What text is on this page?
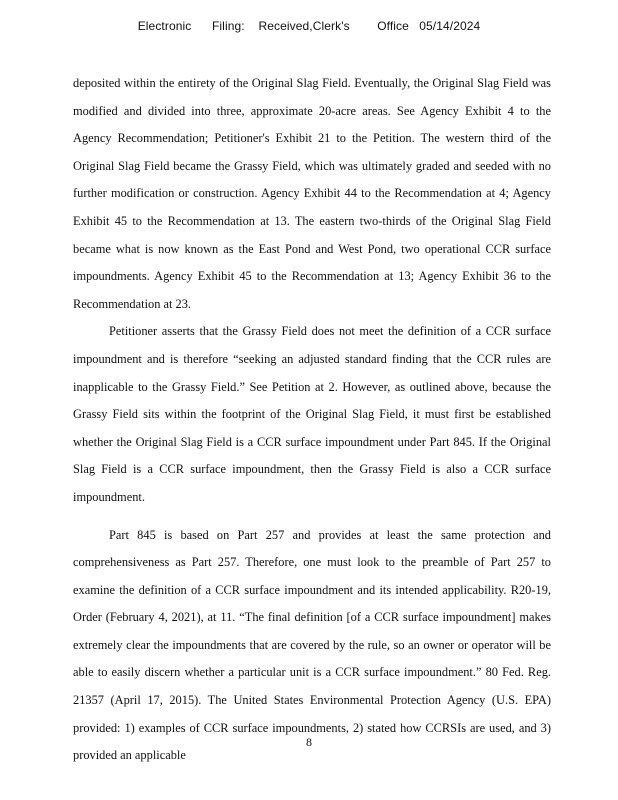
Electronic Filing: Received,Clerk's Office 05/14/2024

deposited within the entirety of the Original Slag Field. Eventually, the Original Slag Field was modified and divided into three, approximate 20-acre areas. See Agency Exhibit 4 to the Agency Recommendation; Petitioner's Exhibit 21 to the Petition. The western third of the Original Slag Field became the Grassy Field, which was ultimately graded and seeded with no further modification or construction. Agency Exhibit 44 to the Recommendation at 4; Agency Exhibit 45 to the Recommendation at 13. The eastern two-thirds of the Original Slag Field became what is now known as the East Pond and West Pond, two operational CCR surface impoundments. Agency Exhibit 45 to the Recommendation at 13; Agency Exhibit 36 to the Recommendation at 23.

Petitioner asserts that the Grassy Field does not meet the definition of a CCR surface impoundment and is therefore “seeking an adjusted standard finding that the CCR rules are inapplicable to the Grassy Field.” See Petition at 2. However, as outlined above, because the Grassy Field sits within the footprint of the Original Slag Field, it must first be established whether the Original Slag Field is a CCR surface impoundment under Part 845. If the Original Slag Field is a CCR surface impoundment, then the Grassy Field is also a CCR surface impoundment.

Part 845 is based on Part 257 and provides at least the same protection and comprehensiveness as Part 257. Therefore, one must look to the preamble of Part 257 to examine the definition of a CCR surface impoundment and its intended applicability. R20-19, Order (February 4, 2021), at 11. “The final definition [of a CCR surface impoundment] makes extremely clear the impoundments that are covered by the rule, so an owner or operator will be able to easily discern whether a particular unit is a CCR surface impoundment.” 80 Fed. Reg. 21357 (April 17, 2015). The United States Environmental Protection Agency (U.S. EPA) provided: 1) examples of CCR surface impoundments, 2) stated how CCRSIs are used, and 3) provided an applicable

8
